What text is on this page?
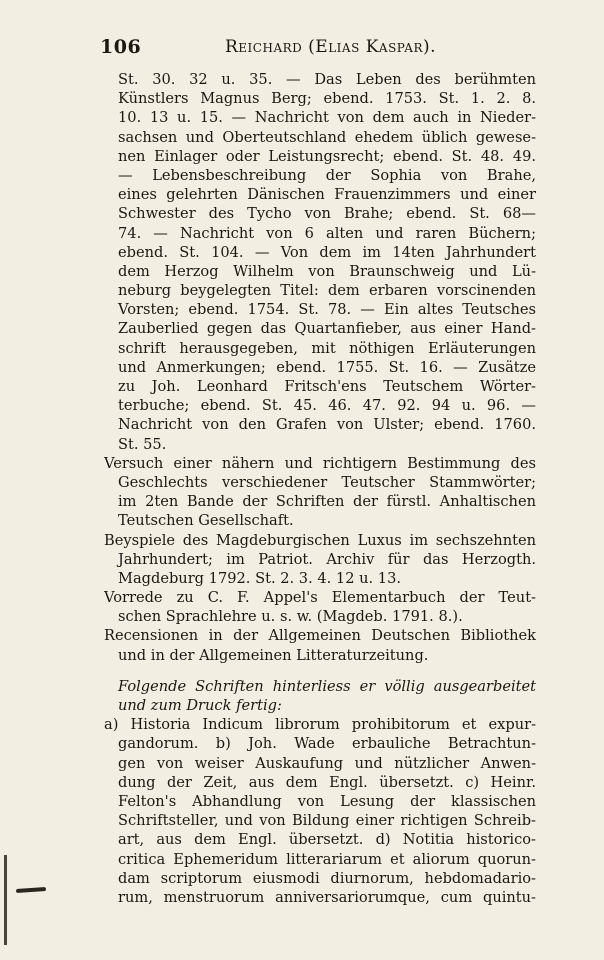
106	Reichard (Elias Kaspar).
St. 30. 32 u. 35. — Das Leben des berühmten
Künstlers Magnus Berg; ebend. 1753. St. 1. 2. 8.
10. 13 u. 15. — Nachricht von dem auch in Nieder-
sachsen und Oberteutschland ehedem üblich gewese-
nen Einlager oder Leistungsrecht; ebend. St. 48. 49.
— Lebensbeschreibung der Sophia von Brahe,
eines gelehrten Dänischen Frauenzimmers und einer
Schwester des Tycho von Brahe; ebend. St. 68—
74. — Nachricht von 6 alten und raren Büchern;
ebend. St. 104. — Von dem im 14ten Jahrhundert
dem Herzog Wilhelm von Braunschweig und Lü-
neburg beygelegten Titel: dem erbaren vorscinenden
Vorsten; ebend. 1754. St. 78. — Ein altes Teutsches
Zauberlied gegen das Quartanfieber, aus einer Hand-
schrift herausgegeben, mit nöthigen Erläuterungen
und Anmerkungen; ebend. 1755. St. 16. — Zusätze
zu Joh. Leonhard Fritsch'ens Teutschem Wörter-
terbuche; ebend. St. 45. 46. 47. 92. 94 u. 96. —
Nachricht von den Grafen von Ulster; ebend. 1760.
St. 55.
Versuch einer nähern und richtigern Bestimmung des
Geschlechts verschiedener Teutscher Stammwörter;
im 2ten Bande der Schriften der fürstl. Anhaltischen
Teutschen Gesellschaft.
Beyspiele des Magdeburgischen Luxus im sechszehnten
Jahrhundert; im Patriot. Archiv für das Herzogth.
Magdeburg 1792. St. 2. 3. 4. 12 u. 13.
Vorrede zu C. F. Appel's Elementarbuch der Teut-
schen Sprachlehre u. s. w. (Magdeb. 1791. 8.).
Recensionen in der Allgemeinen Deutschen Bibliothek
und in der Allgemeinen Litteraturzeitung.
Folgende Schriften hinterliess er völlig ausgearbeitet
und zum Druck fertig:
a) Historia Indicum librorum prohibitorum et expur-
gandorum. b) Joh. Wade erbauliche Betrachtun-
gen von weiser Auskaufung und nützlicher Anwen-
dung der Zeit, aus dem Engl. übersetzt. c) Heinr.
Felton's Abhandlung von Lesung der klassischen
Schriftsteller, und von Bildung einer richtigen Schreib-
art, aus dem Engl. übersetzt. d) Notitia historico-
critica Ephemeridum litterariarum et aliorum quorun-
dam scriptorum eiusmodi diurnorum, hebdomadario-
rum, menstruorum anniversariorumque, cum quintu-
